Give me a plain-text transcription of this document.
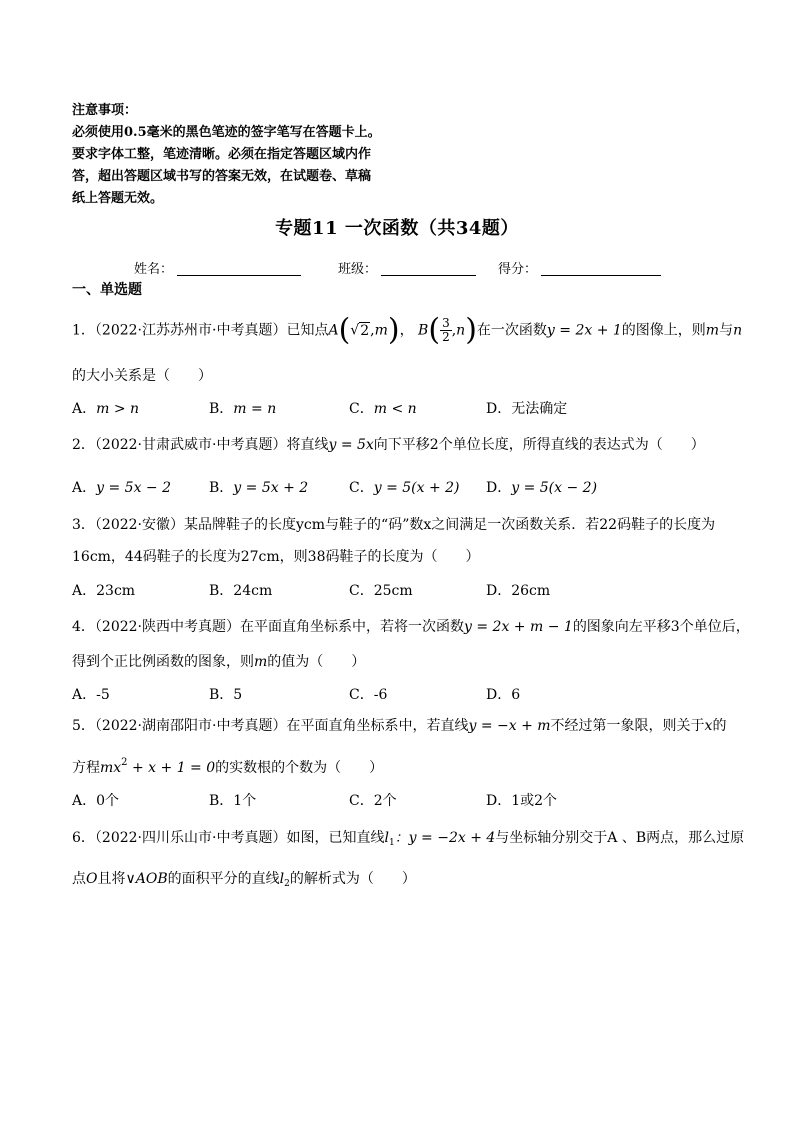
注意事项：
必须使用0.5毫米的黑色笔迹的签字笔写在答题卡上。
要求字体工整，笔迹清晰。必须在指定答题区域内作
答，超出答题区域书写的答案无效，在试题卷、草稿
纸上答题无效。
专题11 一次函数（共34题）
姓名：	班级：	得分：
一、单选题
1．（2022·江苏苏州市·中考真题）已知点A(√2,m)， $B( \frac{3}{2} ,n)$在一次函数y = 2x + 1的图像上，则m与n
的大小关系是（　　）
A．m > n	B．m = n	C．m < n	D．无法确定
2．（2022·甘肃武威市·中考真题）将直线y = 5x向下平移2个单位长度，所得直线的表达式为（　　）
A．y = 5x − 2	B．y = 5x + 2	C．y = 5(x + 2) D．y = 5(x − 2)
3．（2022·安徽）某品牌鞋子的长度ycm与鞋子的“码”数x之间满足一次函数关系．若22码鞋子的长度为
16cm，44码鞋子的长度为27cm，则38码鞋子的长度为（　　）
A．23cm	B．24cm	C．25cm	D．26cm
4．（2022·陕西中考真题）在平面直角坐标系中，若将一次函数y = 2x + m − 1的图象向左平移3个单位后，
得到个正比例函数的图象，则m的值为（　　）
A．-5	B．5	C．-6	D．6
5．（2022·湖南邵阳市·中考真题）在平面直角坐标系中，若直线y = −x + m不经过第一象限，则关于x的
方程$mx^2 + x + 1 = 0$的实数根的个数为（　　）
A．0个	B．1个	C．2个	D．1或2个
6．（2022·四川乐山市·中考真题）如图，已知直线$l_1$：y = −2x + 4与坐标轴分别交于A 、B两点，那么过原
点O且将∨AOB的面积平分的直线$l_2$的解析式为（　　）
